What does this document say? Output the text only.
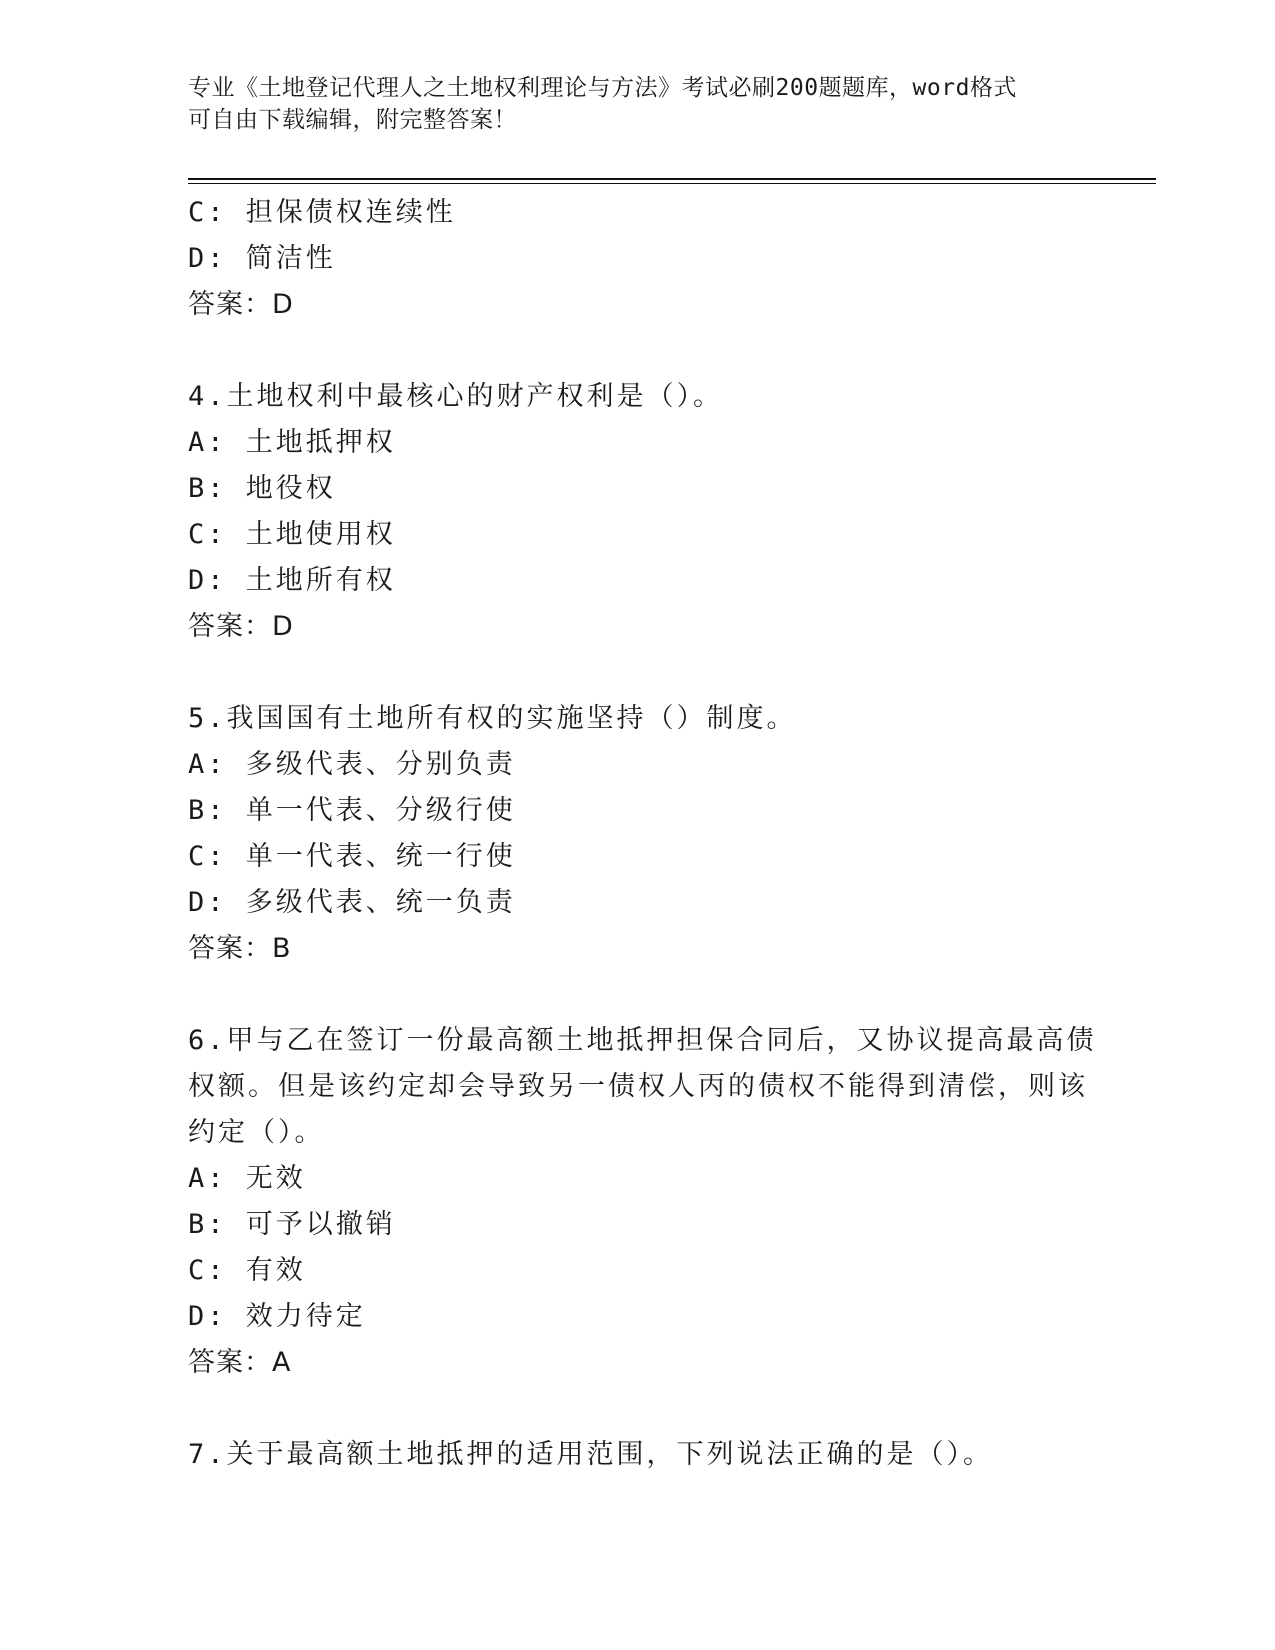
专业《土地登记代理人之土地权利理论与方法》考试必刷200题题库，word格式
可自由下载编辑，附完整答案！
C: 担保债权连续性
D: 简洁性
答案：D
4.土地权利中最核心的财产权利是（）。
A: 土地抵押权
B: 地役权
C: 土地使用权
D: 土地所有权
答案：D
5.我国国有土地所有权的实施坚持（）制度。
A: 多级代表、分别负责
B: 单一代表、分级行使
C: 单一代表、统一行使
D: 多级代表、统一负责
答案：B
6.甲与乙在签订一份最高额土地抵押担保合同后，又协议提高最高债
权额。但是该约定却会导致另一债权人丙的债权不能得到清偿，则该
约定（）。
A: 无效
B: 可予以撤销
C: 有效
D: 效力待定
答案：A
7.关于最高额土地抵押的适用范围，下列说法正确的是（）。
